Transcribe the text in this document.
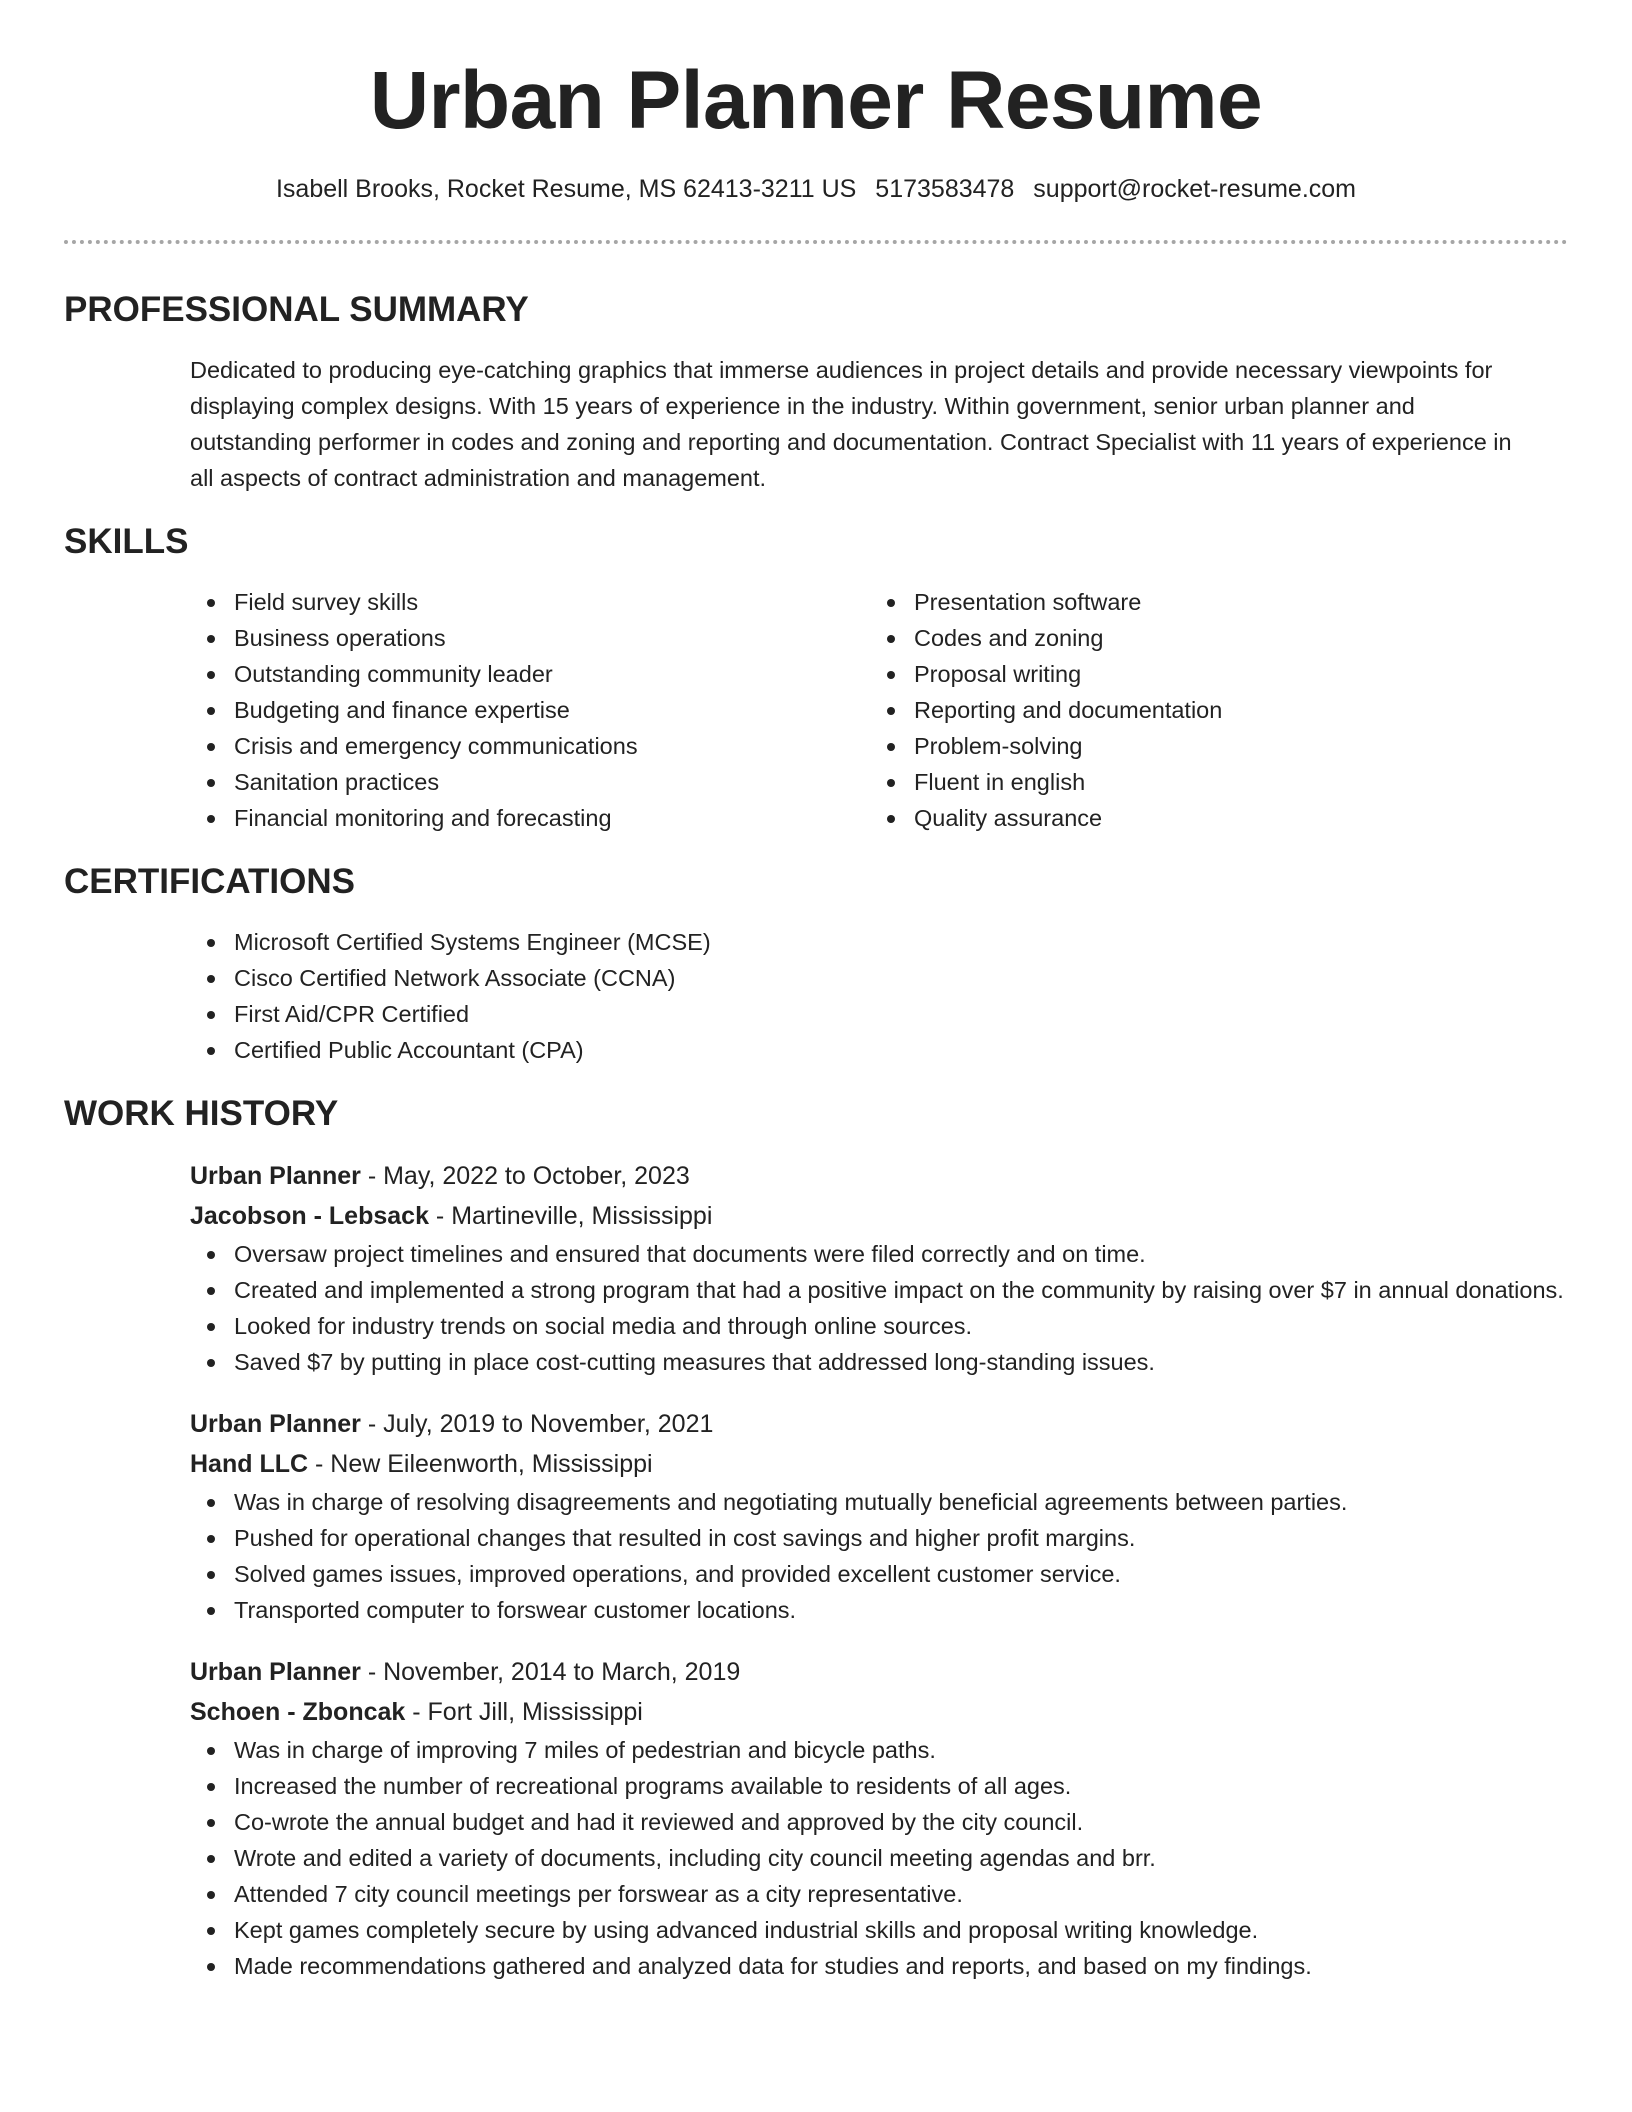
Urban Planner Resume
Isabell Brooks, Rocket Resume, MS 62413-3211 US 5173583478 support@rocket-resume.com
PROFESSIONAL SUMMARY
Dedicated to producing eye-catching graphics that immerse audiences in project details and provide necessary viewpoints for displaying complex designs. With 15 years of experience in the industry. Within government, senior urban planner and outstanding performer in codes and zoning and reporting and documentation. Contract Specialist with 11 years of experience in all aspects of contract administration and management.
SKILLS
Field survey skills
Business operations
Outstanding community leader
Budgeting and finance expertise
Crisis and emergency communications
Sanitation practices
Financial monitoring and forecasting
Presentation software
Codes and zoning
Proposal writing
Reporting and documentation
Problem-solving
Fluent in english
Quality assurance
CERTIFICATIONS
Microsoft Certified Systems Engineer (MCSE)
Cisco Certified Network Associate (CCNA)
First Aid/CPR Certified
Certified Public Accountant (CPA)
WORK HISTORY
Urban Planner - May, 2022 to October, 2023
Jacobson - Lebsack - Martineville, Mississippi
Oversaw project timelines and ensured that documents were filed correctly and on time.
Created and implemented a strong program that had a positive impact on the community by raising over $7 in annual donations.
Looked for industry trends on social media and through online sources.
Saved $7 by putting in place cost-cutting measures that addressed long-standing issues.
Urban Planner - July, 2019 to November, 2021
Hand LLC - New Eileenworth, Mississippi
Was in charge of resolving disagreements and negotiating mutually beneficial agreements between parties.
Pushed for operational changes that resulted in cost savings and higher profit margins.
Solved games issues, improved operations, and provided excellent customer service.
Transported computer to forswear customer locations.
Urban Planner - November, 2014 to March, 2019
Schoen - Zboncak - Fort Jill, Mississippi
Was in charge of improving 7 miles of pedestrian and bicycle paths.
Increased the number of recreational programs available to residents of all ages.
Co-wrote the annual budget and had it reviewed and approved by the city council.
Wrote and edited a variety of documents, including city council meeting agendas and brr.
Attended 7 city council meetings per forswear as a city representative.
Kept games completely secure by using advanced industrial skills and proposal writing knowledge.
Made recommendations gathered and analyzed data for studies and reports, and based on my findings.
